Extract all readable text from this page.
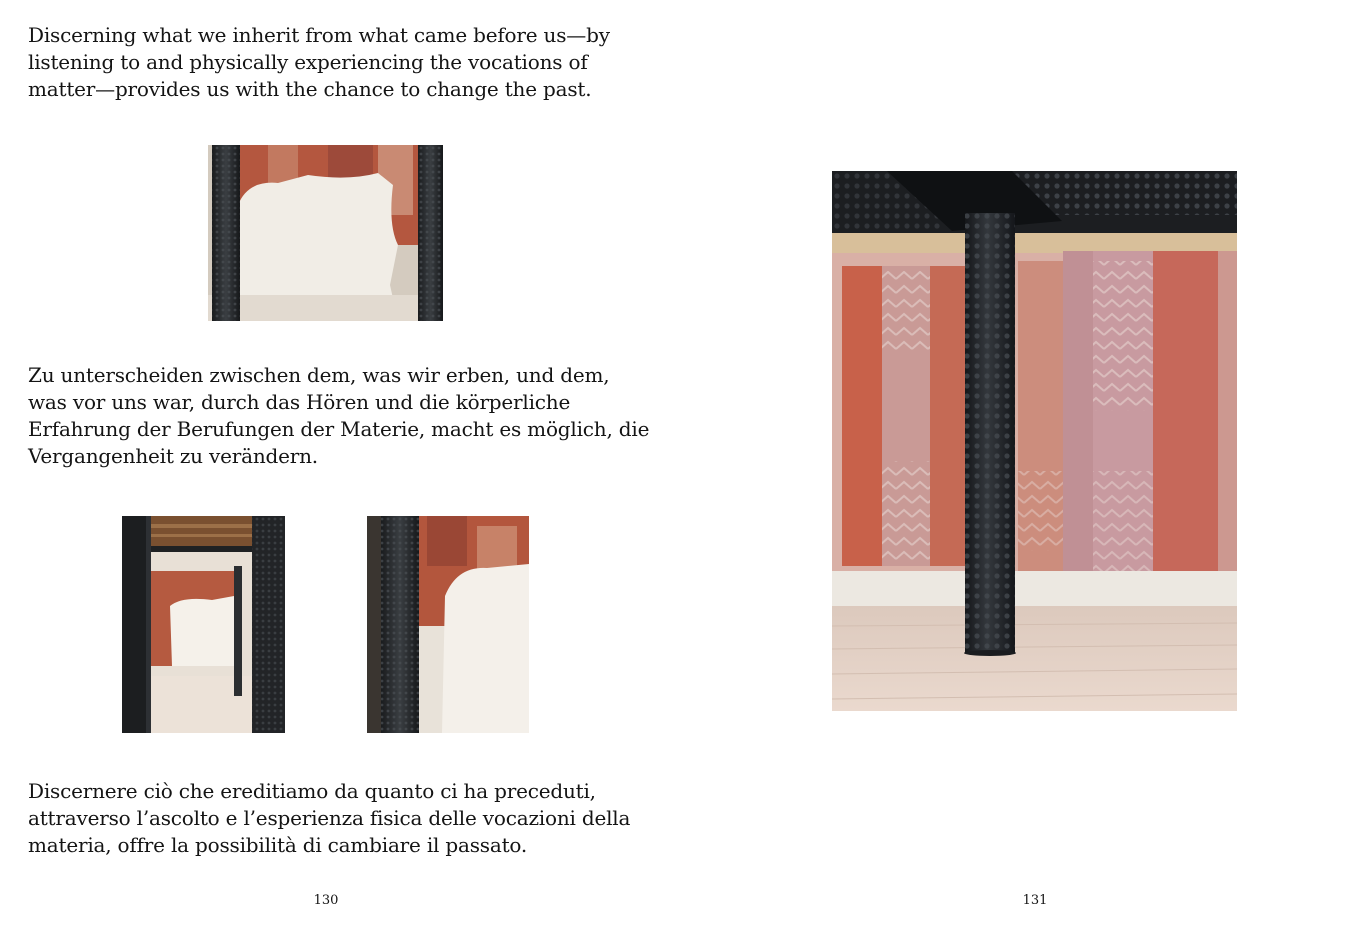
Discerning what we inherit from what came before us—by
listening to and physically experiencing the vocations of
matter—provides us with the chance to change the past.

Zu unterscheiden zwischen dem, was wir erben, und dem,
was vor uns war, durch das Hören und die körperliche
Erfahrung der Berufungen der Materie, macht es möglich, die
Vergangenheit zu verändern.

Discernere ciò che ereditiamo da quanto ci ha preceduti,
attraverso l’ascolto e l’esperienza fisica delle vocazioni della
materia, offre la possibilità di cambiare il passato.

130	131
